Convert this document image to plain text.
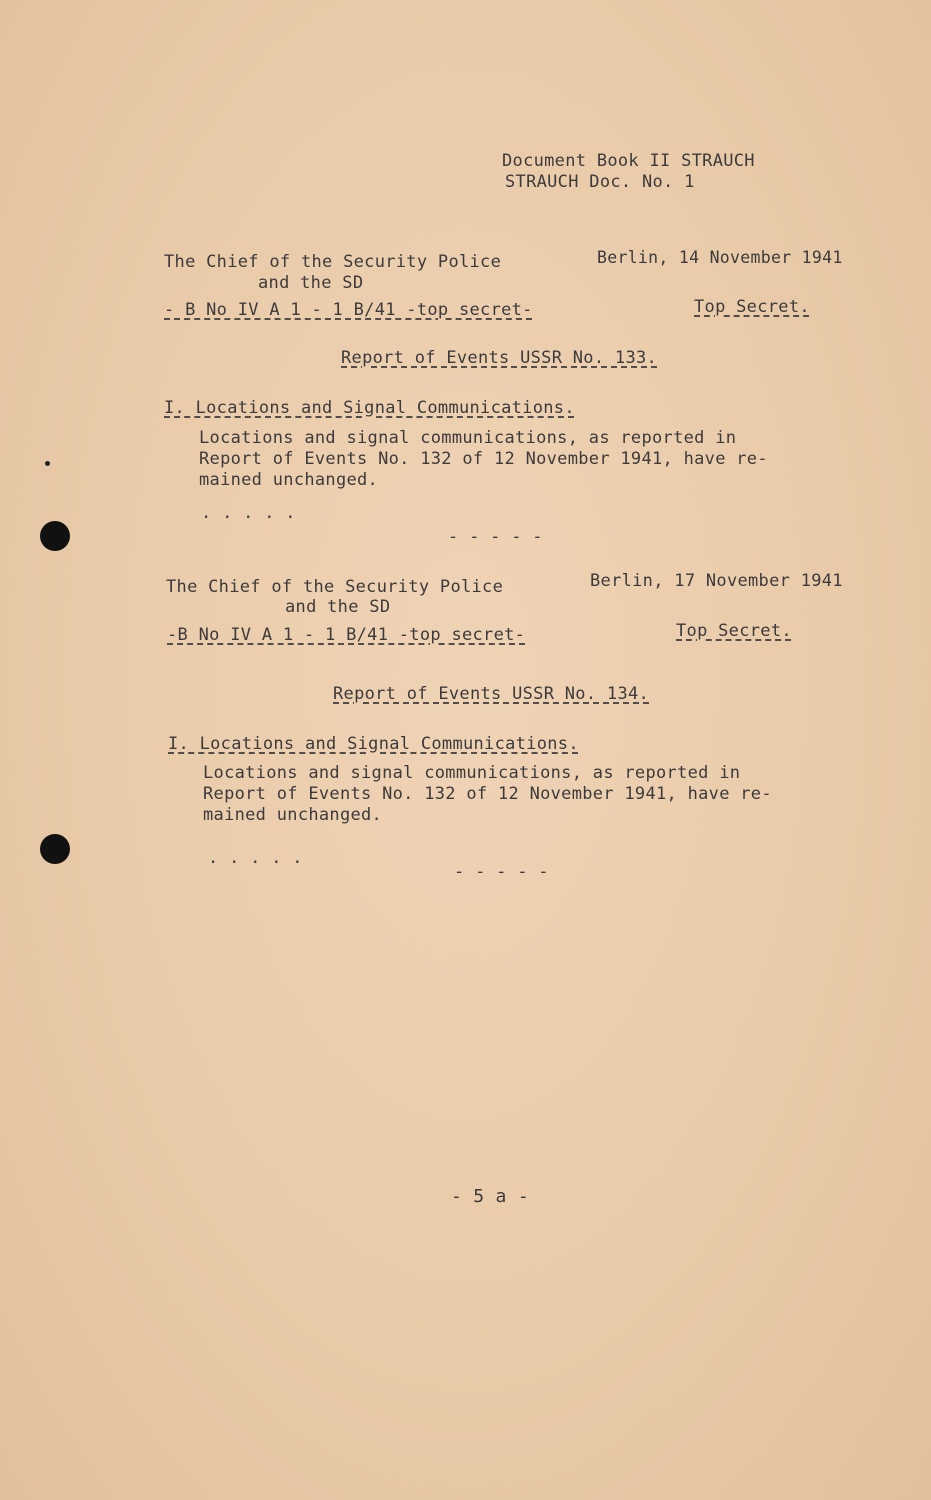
Document Book II STRAUCH
STRAUCH Doc. No. 1
The Chief of the Security Police
and the SD
Berlin, 14 November 1941
- B No IV A 1 - 1 B/41 -top secret-	Top Secret.
Report of Events USSR No. 133.
I. Locations and Signal Communications.
Locations and signal communications, as reported in
Report of Events No. 132 of 12 November 1941, have re-
mained unchanged.
. . . . .
- - - - -
The Chief of the Security Police
and the SD
Berlin, 17 November 1941
-B No IV A 1 - 1 B/41 -top secret-	Top Secret.
Report of Events USSR No. 134.
I. Locations and Signal Communications.
Locations and signal communications, as reported in
Report of Events No. 132 of 12 November 1941, have re-
mained unchanged.
. . . . .
- - - - -
- 5 a -
